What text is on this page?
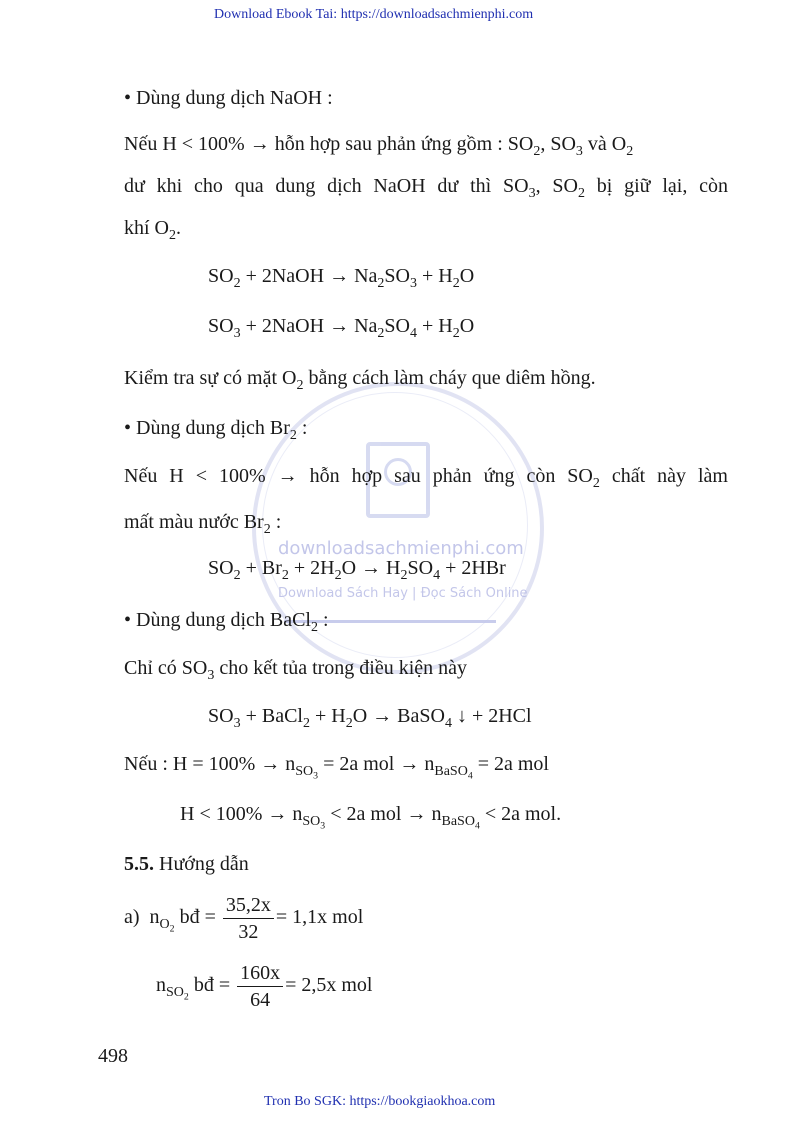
Download Ebook Tai: https://downloadsachmienphi.com
downloadsachmienphi.com
Download Sách Hay | Đọc Sách Online
• Dùng dung dịch NaOH :
Nếu H < 100% → hỗn hợp sau phản ứng gồm : $SO_2$, $SO_3$ và $O_2$
dư khi cho qua dung dịch NaOH dư thì $SO_3$, $SO_2$ bị giữ lại, còn
khí $O_2$.
$SO_2$ + 2NaOH → $Na_2SO_3 + H_2O$
$SO_3$ + 2NaOH → $Na_2SO_4 + H_2O$
Kiểm tra sự có mặt $O_2$ bằng cách làm cháy que diêm hồng.
• Dùng dung dịch $Br_2$ :
Nếu H < 100% → hỗn hợp sau phản ứng còn $SO_2$ chất này làm
mất màu nước $Br_2$ :
$SO_2 + Br_2 + 2H_2O \to H_2SO_4 + 2HBr$
• Dùng dung dịch BaCl$_2$ :
Chỉ có $SO_3$ cho kết tủa trong điều kiện này
$SO_3$ + BaCl$_2$ + $H_2O$ → BaSO$_4$ ↓ + 2HCl
Nếu : $H = 100\% \to n_{SO_3} = 2a$ mol → $n_{BaSO_4} = 2a$ mol
$H < 100\% \to n_{SO_3} < 2a$ mol → $n_{BaSO_4} < 2a$ mol.
5.5. Hướng dẫn
a)  $n_{O_2}$ bđ = $\frac{35,2x}{32} = 1,1x$ mol
$n_{SO_2}$ bđ = $\frac{160x}{64} = 2,5x$ mol
498
Tron Bo SGK: https://bookgiaokhoa.com
